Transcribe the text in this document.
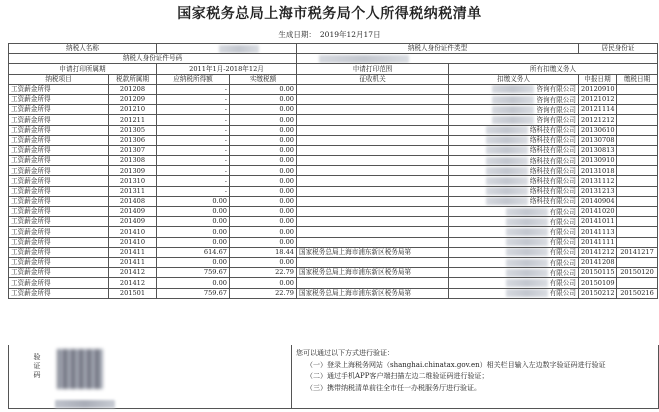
国家税务总局上海市税务局个人所得税纳税清单
生成日期： 2019年12月17日
纳税人名称				纳税人身份证件类型		居民身份证	
纳税人身份证件号码							
申请打印所属期		2011年1月-2018年12月		申请打印范围	所有扣缴义务人		
纳税项目	税款所属期	应纳税所得额	实缴税额	征收机关	扣缴义务人	申报日期	缴税日期
工资薪金所得	201208	-	0.00		咨询有限公司	20120910	
工资薪金所得	201209	-	0.00		咨询有限公司	20121012	
工资薪金所得	201210	-	0.00		咨询有限公司	20121114	
工资薪金所得	201211	-	0.00		咨询有限公司	20121212	
工资薪金所得	201305	-	0.00		络科技有限公司	20130610	
工资薪金所得	201306	-	0.00		络科技有限公司	20130708	
工资薪金所得	201307	-	0.00		络科技有限公司	20130813	
工资薪金所得	201308	-	0.00		络科技有限公司	20130910	
工资薪金所得	201309	-	0.00		络科技有限公司	20131018	
工资薪金所得	201310	-	0.00		络科技有限公司	20131112	
工资薪金所得	201311	-	0.00		络科技有限公司	20131213	
工资薪金所得	201408	0.00	0.00		络科技有限公司	20140904	
工资薪金所得	201409	0.00	0.00		有限公司	20141020	
工资薪金所得	201409	0.00	0.00		有限公司	20141011	
工资薪金所得	201410	0.00	0.00		有限公司	20141113	
工资薪金所得	201410	0.00	0.00		有限公司	20141111	
工资薪金所得	201411	614.67	18.44	国家税务总局上海市浦东新区税务局第	有限公司	20141212	20141217
工资薪金所得	201411	0.00	0.00		有限公司	20141208	
工资薪金所得	201412	759.67	22.79	国家税务总局上海市浦东新区税务局第	有限公司	20150115	20150120
工资薪金所得	201412	0.00	0.00		有限公司	20150109	
工资薪金所得	201501	759.67	22.79	国家税务总局上海市浦东新区税务局第	有限公司	20150212	20150216
验证码
您可以通过以下方式进行验证：
（一）登录上海税务网站（shanghai.chinatax.gov.en）相关栏目输入左边数字验证码进行验证
（二）通过手机APP客户端扫描左边二维验证码进行验证；
（三）携带纳税清单前往全市任一办税服务厅进行验证。
